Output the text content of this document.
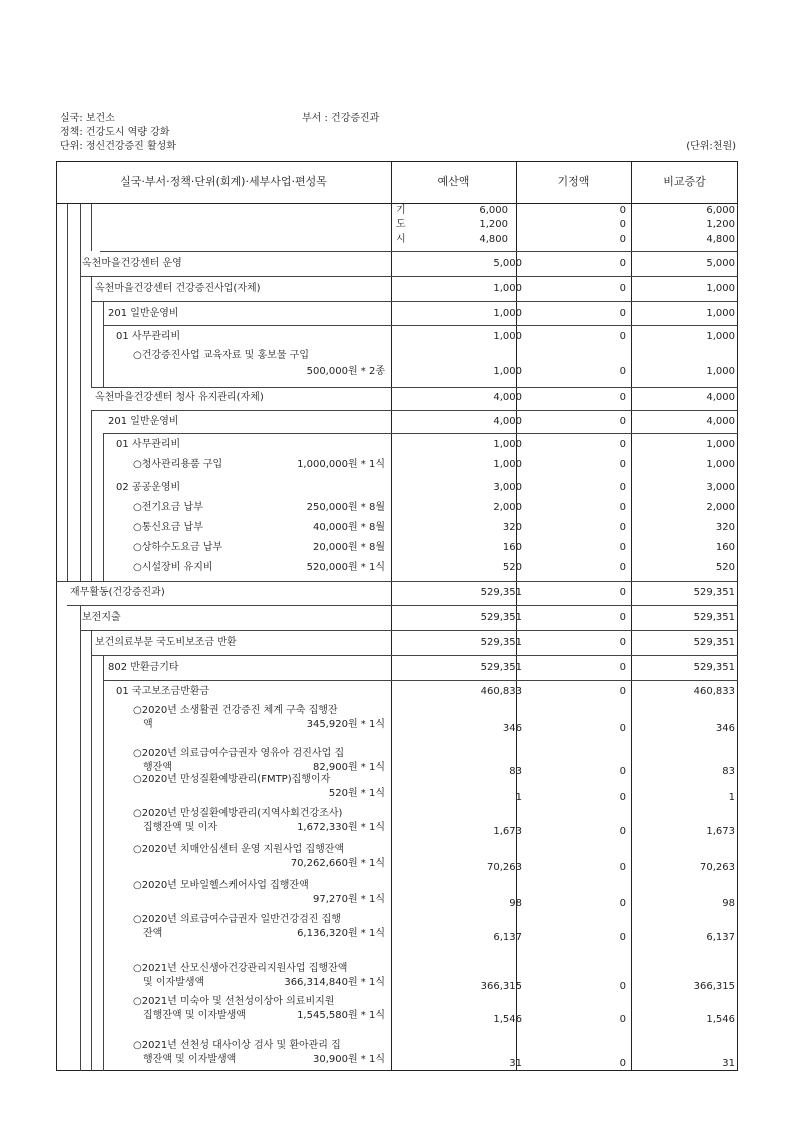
실국: 보건소	부서 : 건강증진과
정책: 건강도시 역량 강화
단위: 정신건강증진 활성화	(단위:천원)
실국·부서·정책·단위(회계)·세부사업·편성목	예산액	기정액	비교증감
기	6,000	0	6,000
도	1,200	0	1,200
시	4,800	0	4,800
옥천마을건강센터 운영	5,000	0	5,000
옥천마을건강센터 건강증진사업(자체)	1,000	0	1,000
201 일반운영비	1,000	0	1,000
01 사무관리비	1,000	0	1,000
○건강증진사업 교육자료 및 홍보물 구입
500,000원 * 2종	1,000	0	1,000
옥천마을건강센터 청사 유지관리(자체)	4,000	0	4,000
201 일반운영비	4,000	0	4,000
01 사무관리비	1,000	0	1,000
○청사관리용품 구입	1,000,000원 * 1식	1,000	0	1,000
02 공공운영비	3,000	0	3,000
○전기요금 납부	250,000원 * 8월	2,000	0	2,000
○통신요금 납부	40,000원 * 8월	320	0	320
○상하수도요금 납부	20,000원 * 8월	160	0	160
○시설장비 유지비	520,000원 * 1식	520	0	520
재무활동(건강증진과)	529,351	0	529,351
보전지출	529,351	0	529,351
보건의료부문 국도비보조금 반환	529,351	0	529,351
802 반환금기타	529,351	0	529,351
01 국고보조금반환금	460,833	0	460,833
○2020년 소생활권 건강증진 체계 구축 집행잔
액	345,920원 * 1식	346	0	346
○2020년 의료급여수급권자 영유아 검진사업 집
행잔액	82,900원 * 1식	83	0	83
○2020년 만성질환예방관리(FMTP)집행이자
520원 * 1식	1	0	1
○2020년 만성질환예방관리(지역사회건강조사)
집행잔액 및 이자	1,672,330원 * 1식	1,673	0	1,673
○2020년 치매안심센터 운영 지원사업 집행잔액
70,262,660원 * 1식	70,263	0	70,263
○2020년 모바일헬스케어사업 집행잔액
97,270원 * 1식	98	0	98
○2020년 의료급여수급권자 일반건강검진 집행
잔액	6,136,320원 * 1식	6,137	0	6,137
○2021년 산모신생아건강관리지원사업 집행잔액
및 이자발생액	366,314,840원 * 1식	366,315	0	366,315
○2021년 미숙아 및 선천성이상아 의료비지원
집행잔액 및 이자발생액	1,545,580원 * 1식	1,546	0	1,546
○2021년 선천성 대사이상 검사 및 환아관리 집
행잔액 및 이자발생액	30,900원 * 1식	31	0	31
